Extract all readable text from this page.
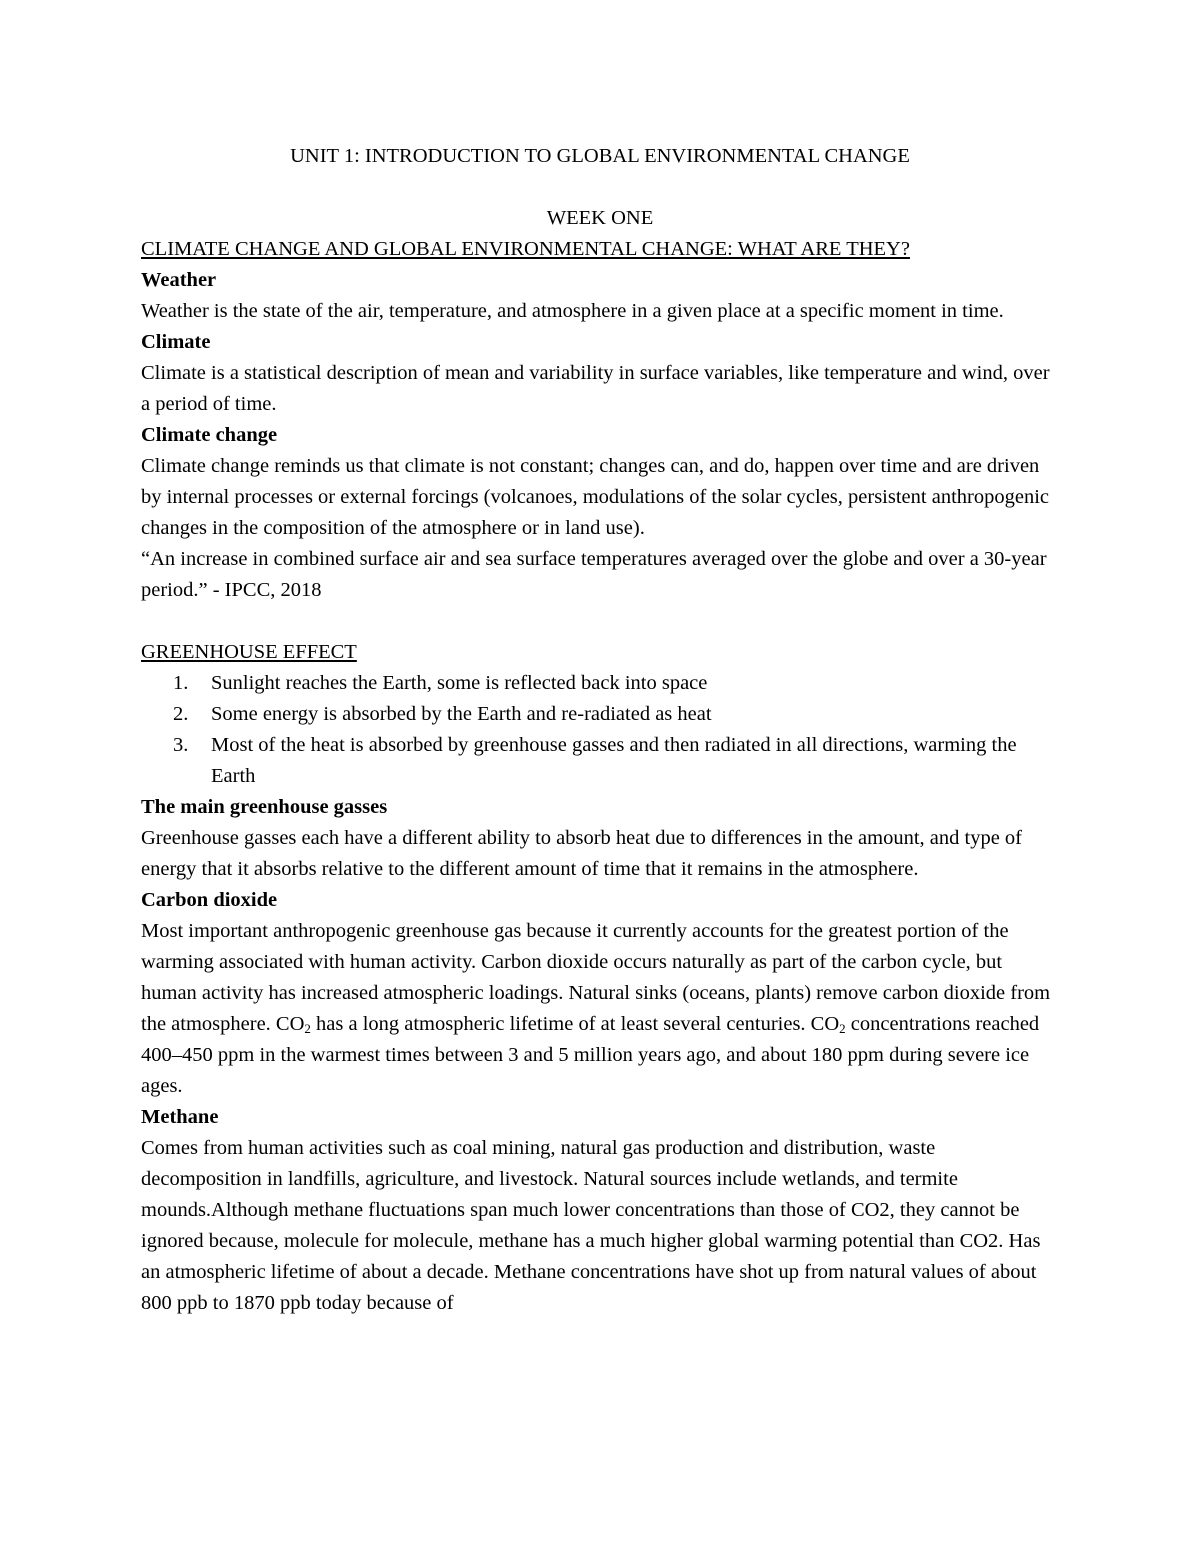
UNIT 1: INTRODUCTION TO GLOBAL ENVIRONMENTAL CHANGE
WEEK ONE
CLIMATE CHANGE AND GLOBAL ENVIRONMENTAL CHANGE: WHAT ARE THEY?
Weather

Weather is the state of the air, temperature, and atmosphere in a given place at a specific moment in time.

Climate

Climate is a statistical description of mean and variability in surface variables, like temperature and wind, over a period of time.

Climate change

Climate change reminds us that climate is not constant; changes can, and do, happen over time and are driven by internal processes or external forcings (volcanoes, modulations of the solar cycles, persistent anthropogenic changes in the composition of the atmosphere or in land use).

“An increase in combined surface air and sea surface temperatures averaged over the globe and over a 30-year period.” - IPCC, 2018

GREENHOUSE EFFECT
1. Sunlight reaches the Earth, some is reflected back into space
2. Some energy is absorbed by the Earth and re-radiated as heat
3. Most of the heat is absorbed by greenhouse gasses and then radiated in all directions, warming the Earth
The main greenhouse gasses

Greenhouse gasses each have a different ability to absorb heat due to differences in the amount, and type of energy that it absorbs relative to the different amount of time that it remains in the atmosphere.

Carbon dioxide

Most important anthropogenic greenhouse gas because it currently accounts for the greatest portion of the warming associated with human activity. Carbon dioxide occurs naturally as part of the carbon cycle, but human activity has increased atmospheric loadings. Natural sinks (oceans, plants) remove carbon dioxide from the atmosphere. $CO_2$ has a long atmospheric lifetime of at least several centuries. $CO_2$ concentrations reached 400–450 ppm in the warmest times between 3 and 5 million years ago, and about 180 ppm during severe ice ages.

Methane

Comes from human activities such as coal mining, natural gas production and distribution, waste decomposition in landfills, agriculture, and livestock. Natural sources include wetlands, and termite mounds.Although methane fluctuations span much lower concentrations than those of CO2, they cannot be ignored because, molecule for molecule, methane has a much higher global warming potential than CO2. Has an atmospheric lifetime of about a decade. Methane concentrations have shot up from natural values of about 800 ppb to 1870 ppb today because of
